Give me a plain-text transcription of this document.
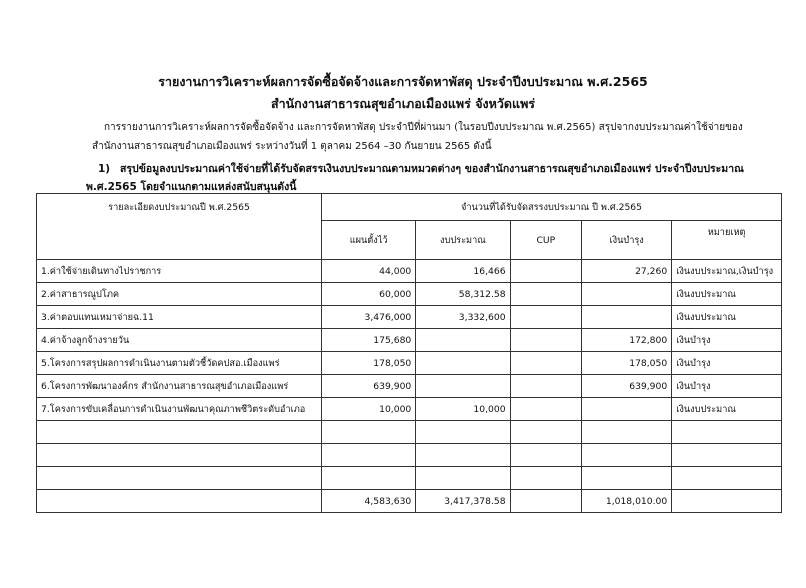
รายงานการวิเคราะห์ผลการจัดซื้อจัดจ้างและการจัดหาพัสดุ ประจำปีงบประมาณ พ.ศ.2565
สำนักงานสาธารณสุขอำเภอเมืองแพร่ จังหวัดแพร่
การรายงานการวิเคราะห์ผลการจัดซื้อจัดจ้าง และการจัดหาพัสดุ ประจำปีที่ผ่านมา (ในรอบปีงบประมาณ พ.ศ.2565) สรุปจากงบประมาณค่าใช้จ่ายของ สำนักงานสาธารณสุขอำเภอเมืองแพร่ ระหว่างวันที่ 1 ตุลาคม 2564 –30 กันยายน 2565 ดังนี้
1) สรุปข้อมูลงบประมาณค่าใช้จ่ายที่ได้รับจัดสรรเงินงบประมาณตามหมวดต่างๆ ของสำนักงานสาธารณสุขอำเภอเมืองแพร่ ประจำปีงบประมาณ
พ.ศ.2565 โดยจำแนกตามแหล่งสนับสนุนดังนี้
รายละเอียดงบประมาณปี พ.ศ.2565	จำนวนที่ได้รับจัดสรรงบประมาณ ปี พ.ศ.2565				
	แผนตั้งไว้	งบประมาณ	CUP	เงินบำรุง	หมายเหตุ
1.ค่าใช้จ่ายเดินทางไปราชการ	44,000	16,466		27,260	เงินงบประมาณ,เงินบำรุง
2.ค่าสาธารณูปโภค	60,000	58,312.58			เงินงบประมาณ
3.ค่าตอบแทนเหมาจ่ายฉ.11	3,476,000	3,332,600			เงินงบประมาณ
4.ค่าจ้างลูกจ้างรายวัน	175,680			172,800	เงินบำรุง
5.โครงการสรุปผลการดำเนินงานตามตัวชี้วัดคปสอ.เมืองแพร่	178,050			178,050	เงินบำรุง
6.โครงการพัฒนาองค์กร สำนักงานสาธารณสุขอำเภอเมืองแพร่	639,900			639,900	เงินบำรุง
7.โครงการขับเคลื่อนการดำเนินงานพัฒนาคุณภาพชีวิตระดับอำเภอ	10,000	10,000			เงินงบประมาณ

	4,583,630	3,417,378.58		1,018,010.00	
